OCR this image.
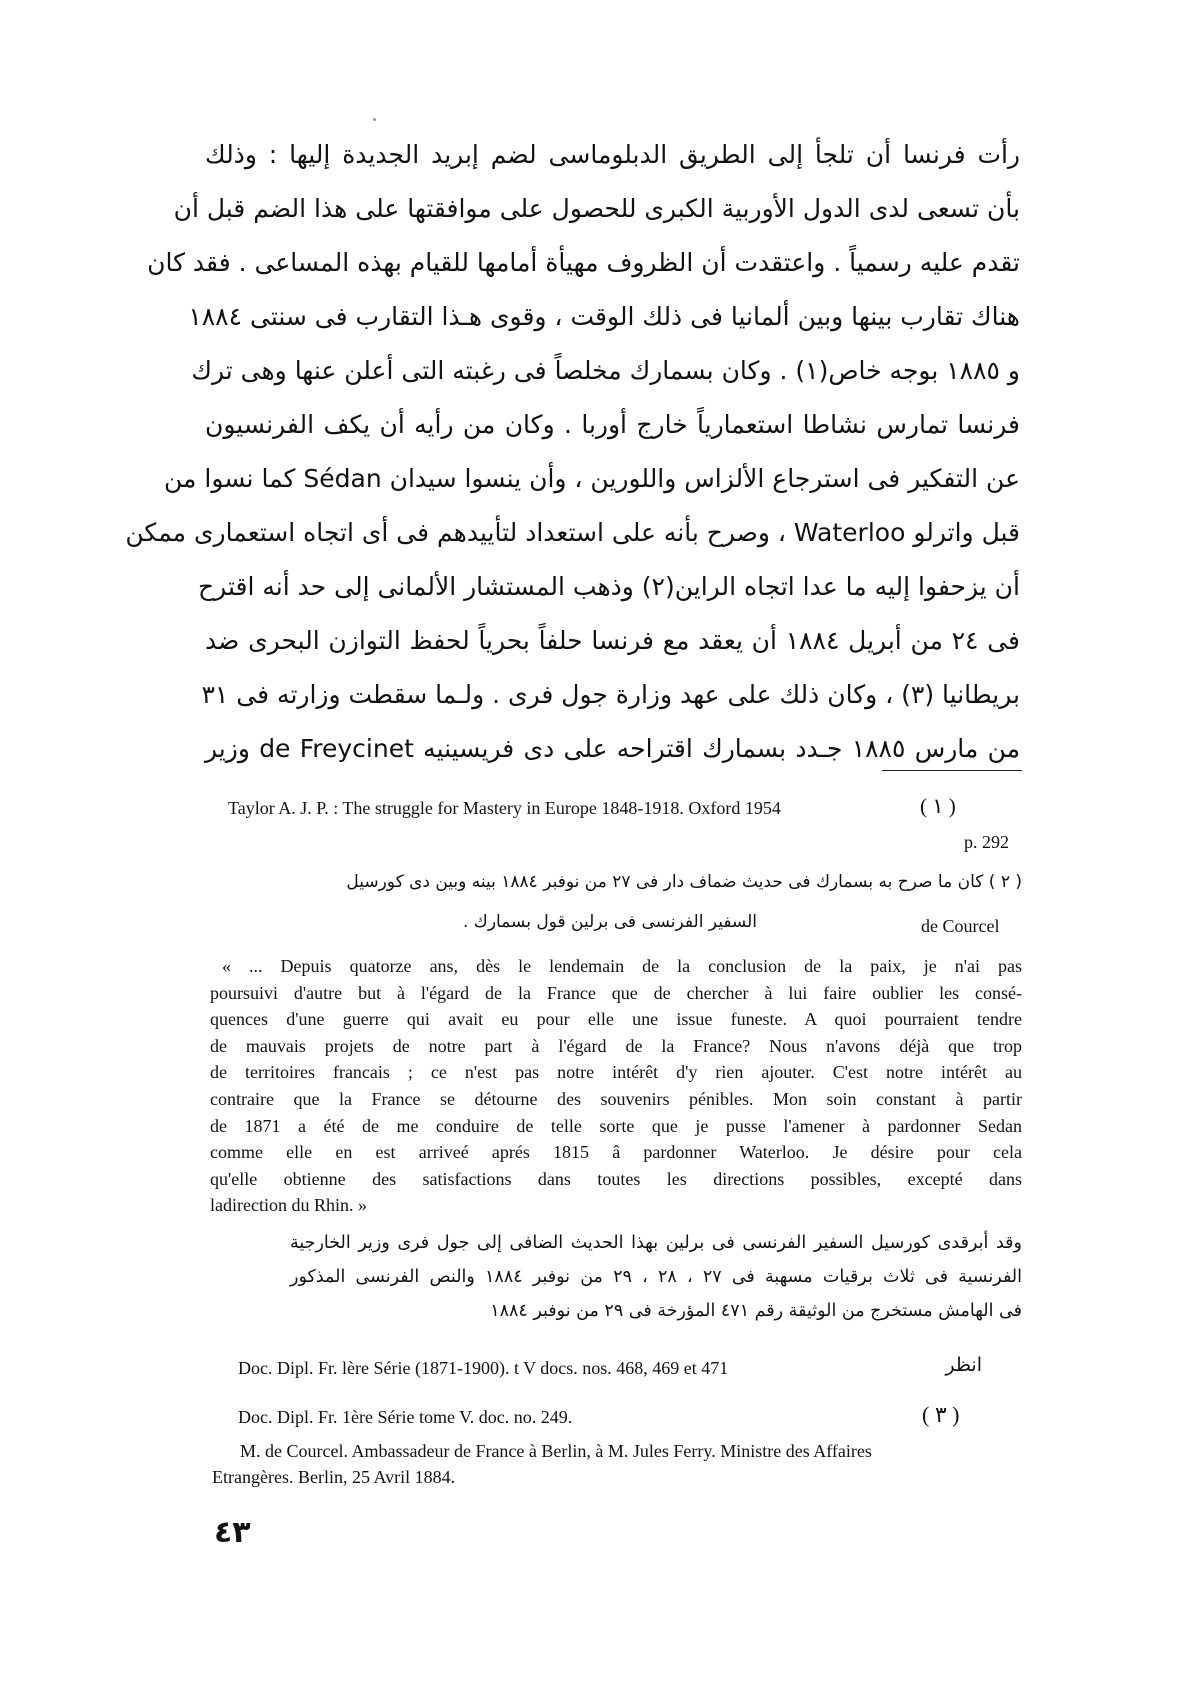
رأت فرنسا أن تلجأ إلى الطريق الدبلوماسى لضم إبريد الجديدة إليها : وذلك
بأن تسعى لدى الدول الأوربية الكبرى للحصول على موافقتها على هذا الضم قبل أن
تقدم عليه رسمياً . واعتقدت أن الظروف مهيأة أمامها للقيام بهذه المساعى . فقد كان
هناك تقارب بينها وبين ألمانيا فى ذلك الوقت ، وقوى هـذا التقارب فى سنتى ١٨٨٤
و ١٨٨٥ بوجه خاص(١) . وكان بسمارك مخلصاً فى رغبته التى أعلن عنها وهى ترك
فرنسا تمارس نشاطا استعمارياً خارج أوربا . وكان من رأيه أن يكف الفرنسيون
عن التفكير فى استرجاع الألزاس واللورين ، وأن ينسوا سيدان Sédan كما نسوا من
قبل واترلو Waterloo ، وصرح بأنه على استعداد لتأييدهم فى أى اتجاه استعمارى ممكن
أن يزحفوا إليه ما عدا اتجاه الراين(٢) وذهب المستشار الألمانى إلى حد أنه اقترح
فى ٢٤ من أبريل ١٨٨٤ أن يعقد مع فرنسا حلفاً بحرياً لحفظ التوازن البحرى ضد
بريطانيا (٣) ، وكان ذلك على عهد وزارة جول فرى . ولـما سقطت وزارته فى ٣١
من مارس ١٨٨٥ جـدد بسمارك اقتراحه على دى فريسينيه de Freycinet وزير
Taylor A. J. P. : The struggle for Mastery in Europe 1848-1918. Oxford 1954	( ١ )
p. 292
( ٢ ) كان ما صرح به بسمارك فى حديث ضماف دار فى ٢٧ من نوفبر ١٨٨٤ بينه وبين دى كورسيل
السفير الفرنسى فى برلين قول بسمارك .	de Courcel
« ... Depuis quatorze ans, dès le lendemain de la conclusion de la paix, je n'ai pas
poursuivi d'autre but à l'égard de la France que de chercher à lui faire oublier les consé-
quences d'une guerre qui avait eu pour elle une issue funeste. A quoi pourraient tendre
de mauvais projets de notre part à l'égard de la France? Nous n'avons déjà que trop
de territoires francais ; ce n'est pas notre intérêt d'y rien ajouter. C'est notre intérêt au
contraire que la France se détourne des souvenirs pénibles. Mon soin constant à partir
de 1871 a été de me conduire de telle sorte que je pusse l'amener à pardonner Sedan
comme elle en est arriveé aprés 1815 â pardonner Waterloo. Je désire pour cela
qu'elle obtienne des satisfactions dans toutes les directions possibles, excepté dans
ladirection du Rhin. »
وقد أبرقدى كورسيل السفير الفرنسى فى برلين بهذا الحديث الضافى إلى جول فرى وزير الخارجية
الفرنسية فى ثلاث برقيات مسهبة فى ٢٧ ، ٢٨ ، ٢٩ من نوفبر ١٨٨٤ والنص الفرنسى المذكور
فى الهامش مستخرج من الوثيقة رقم ٤٧١ المؤرخة فى ٢٩ من نوفبر ١٨٨٤
Doc. Dipl. Fr. lère Série (1871-1900). t V docs. nos. 468, 469 et 471	انظر
Doc. Dipl. Fr. 1ère Série tome V. doc. no. 249.	( ٣ )
M. de Courcel. Ambassadeur de France à Berlin, à M. Jules Ferry. Ministre des Affaires
Etrangères. Berlin, 25 Avril 1884.
٤٣
